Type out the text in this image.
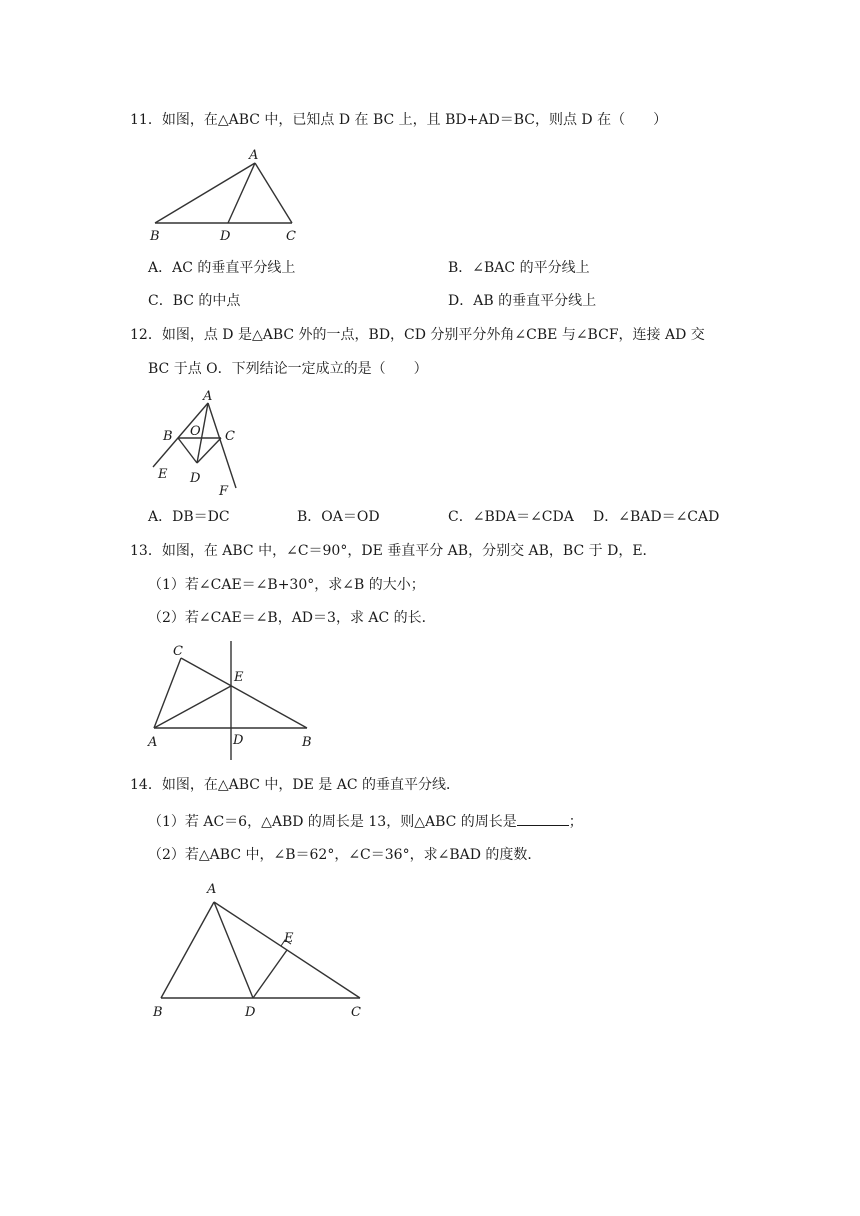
11．如图，在△ABC 中，已知点 D 在 BC 上，且 BD+AD＝BC，则点 D 在（　　）
A
B	D	C
A．AC 的垂直平分线上	B．∠BAC 的平分线上
C．BC 的中点	D．AB 的垂直平分线上
12．如图，点 D 是△ABC 外的一点，BD，CD 分别平分外角∠CBE 与∠BCF，连接 AD 交
BC 于点 O．下列结论一定成立的是（　　）
A
B O C
E D
F
A．DB＝DC	B．OA＝OD	C．∠BDA＝∠CDA D．∠BAD＝∠CAD
13．如图，在 ABC 中，∠C＝90°，DE 垂直平分 AB，分别交 AB，BC 于 D，E．
（1）若∠CAE＝∠B+30°，求∠B 的大小；
（2）若∠CAE＝∠B，AD＝3，求 AC 的长．
C
E
A	D	B
14．如图，在△ABC 中，DE 是 AC 的垂直平分线．
（1）若 AC＝6，△ABD 的周长是 13，则△ABC 的周长是	；
（2）若△ABC 中，∠B＝62°，∠C＝36°，求∠BAD 的度数．
A
E
B	D	C
